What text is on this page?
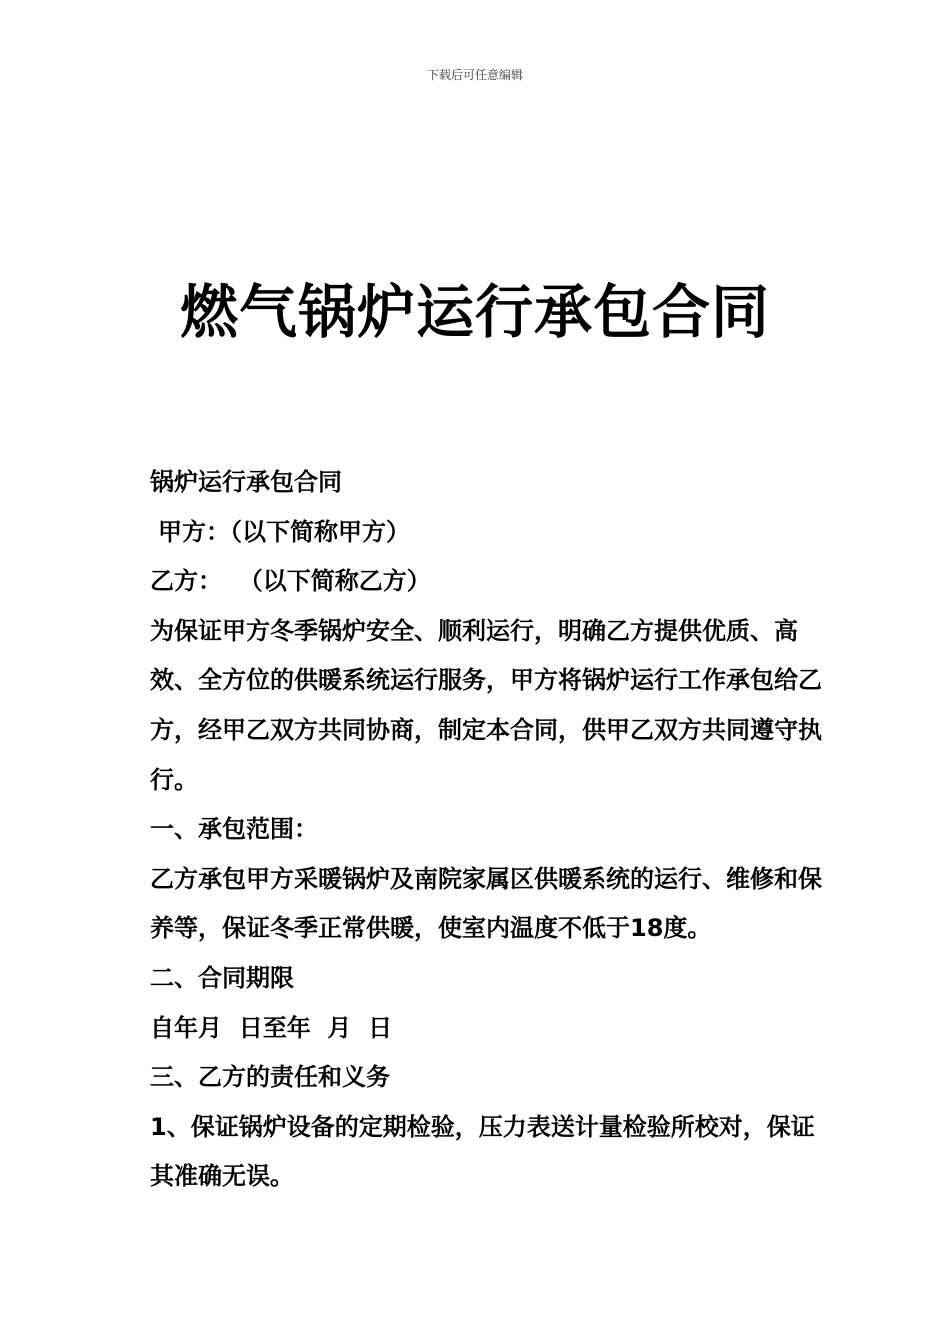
下载后可任意编辑
燃气锅炉运行承包合同

锅炉运行承包合同

甲方：（以下简称甲方）

乙方：  （以下简称乙方）

为保证甲方冬季锅炉安全、顺利运行，明确乙方提供优质、高效、全方位的供暖系统运行服务，甲方将锅炉运行工作承包给乙方，经甲乙双方共同协商，制定本合同，供甲乙双方共同遵守执行。

一、承包范围：

乙方承包甲方采暖锅炉及南院家属区供暖系统的运行、维修和保养等，保证冬季正常供暖，使室内温度不低于18度。

二、合同期限

自年月  日至年  月  日

三、乙方的责任和义务

1、保证锅炉设备的定期检验，压力表送计量检验所校对，保证其准确无误。
